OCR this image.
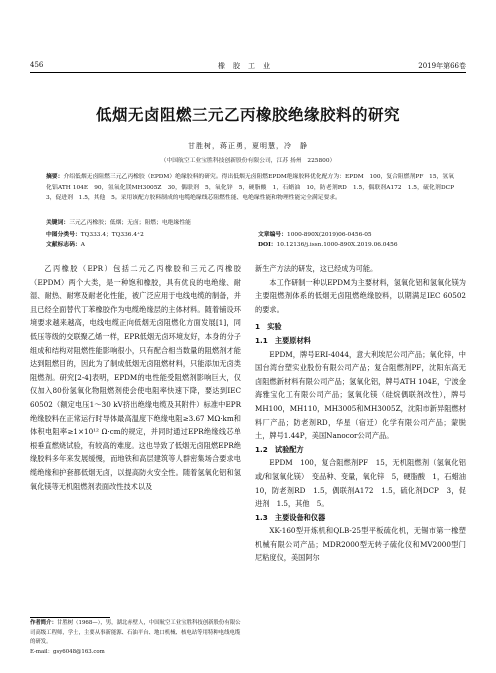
456	橡胶工业	2019年第66卷
低烟无卤阻燃三元乙丙橡胶绝缘胶料的研究
甘胜树，蒋正勇，夏明慧，冷　静
（中国航空工业宝胜科技创新股份有限公司，江苏 扬州　225800）
摘要：介绍低烟无卤阻燃三元乙丙橡胶（EPDM）绝缘胶料的研究。得出低烟无卤阻燃EPDM绝缘胶料优化配方为：EPDM　100，复合阻燃剂PF　15，氢氧化铝ATH 104E　90，氢氧化镁MH3005Z　30，偶联剂　5，氧化锌　5，硬脂酸　1，石蜡油　10，防老剂RD　1.5，偶联剂A172　1.5，硫化剂DCP　3，促进剂　1.5，其他　5。采用该配方胶料制成的电缆绝缘线芯阻燃性能、电绝缘性能和物理性能完全满足要求。
关键词：三元乙丙橡胶；低烟；无卤；阻燃；电绝缘性能
中图分类号：TQ333.4；TQ336.4⁺2
文献标志码：A
文章编号：1000-890X(2019)06-0456-05
DOI：10.12136/j.issn.1000-890X.2019.06.0456

乙丙橡胶（EPR）包括二元乙丙橡胶和三元乙丙橡胶（EPDM）两个大类，是一种饱和橡胶，具有优良的电绝缘、耐湿、耐热、耐寒及耐老化性能，被广泛应用于电线电缆的制备，并且已经全面替代丁苯橡胶作为电缆绝缘层的主体材料。随着铺设环境要求越来越高，电线电缆正向低烟无卤阻燃化方面发展[1]，同低压等级的交联聚乙烯一样，EPR低烟无卤环境友好，本身的分子组成和结构对阻燃性能影响很小，只有配合相当数量的阻燃剂才能达到阻燃目的，因此为了制成低烟无卤阻燃材料，只能添加无卤类阻燃剂。研究[2-4]表明，EPDM的电性能受阻燃剂影响巨大，仅仅加入80份氢氧化物阻燃剂使会使电阻率快速下降，要达到IEC 60502（额定电压1～30 kV挤出绝缘电缆及其附件）标准中EPR绝缘胶料在正常运行时导体最高温度下绝缘电阻≥3.67 MΩ·km和体积电阻率≥1×10¹² Ω·cm的规定，并同时通过EPR绝缘线芯单根垂直燃烧试验，有较高的难度。这也导致了低烟无卤阻燃EPR绝缘胶料多年来发展缓慢，而地铁和高层建筑等人群密集场合要求电缆绝缘和护套都低烟无卤，以提高防火安全性。随着氢氧化铝和氢氧化镁等无机阻燃剂表面改性技术以及

新生产方法的研发，这已经成为可能。

本工作研制一种以EPDM为主要材料，氢氧化铝和氢氧化镁为主要阻燃剂体系的低烟无卤阻燃绝缘胶料，以期满足IEC 60502的要求。

1　实验
1.1　主要原材料

EPDM，牌号ERI-4044，意大利埃尼公司产品；氧化锌，中国台湾台塑实业股份有限公司产品；复合阻燃剂PF，沈阳东高无卤阻燃新材料有限公司产品；氢氧化铝，牌号ATH 104E，宁波金海雅宝化工有限公司产品；氢氧化镁（硅烷偶联剂改性），牌号MH100，MH110，MH3005和MH3005Z，沈阳市新异阻燃材料厂产品；防老剂RD，华星（宿迁）化学有限公司产品；蒙脱土，牌号1.44P，美国Nanocor公司产品。

1.2　试验配方

EPDM　100，复合阻燃剂PF　15，无机阻燃剂（氢氧化铝或/和氢氧化镁）　变品种、变量，氧化锌　5，硬脂酸　1，石蜡油　10，防老剂RD　1.5，偶联剂A172　1.5，硫化剂DCP　3，促进剂　1.5，其他　5。

1.3　主要设备和仪器

XK-160型开炼机和QLB-25型平板硫化机，无锡市第一橡塑机械有限公司产品；MDR2000型无转子硫化仪和MV2000型门尼粘度仪，美国阿尔

作者简介：甘胜树（1968—），男，湖北赤壁人，中国航空工业宝胜科技创新股份有限公司高级工程师，学士，主要从事新能源、石油平台、地口机械、核电站等用特种电线电缆的研发。
E-mail：gsy6048@163.com
